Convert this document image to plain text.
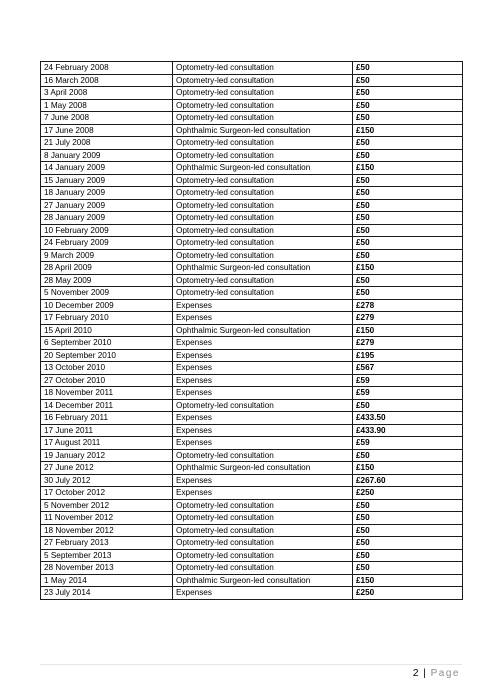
24 February 2008	Optometry-led consultation	£50
16 March 2008	Optometry-led consultation	£50
3 April 2008	Optometry-led consultation	£50
1 May 2008	Optometry-led consultation	£50
7 June 2008	Optometry-led consultation	£50
17 June 2008	Ophthalmic Surgeon-led consultation	£150
21 July 2008	Optometry-led consultation	£50
8 January 2009	Optometry-led consultation	£50
14 January 2009	Ophthalmic Surgeon-led consultation	£150
15 January 2009	Optometry-led consultation	£50
18 January 2009	Optometry-led consultation	£50
27 January 2009	Optometry-led consultation	£50
28 January 2009	Optometry-led consultation	£50
10 February 2009	Optometry-led consultation	£50
24 February 2009	Optometry-led consultation	£50
9 March 2009	Optometry-led consultation	£50
28 April 2009	Ophthalmic Surgeon-led consultation	£150
28 May 2009	Optometry-led consultation	£50
5 November 2009	Optometry-led consultation	£50
10 December 2009	Expenses	£278
17 February 2010	Expenses	£279
15 April 2010	Ophthalmic Surgeon-led consultation	£150
6 September 2010	Expenses	£279
20 September 2010	Expenses	£195
13 October 2010	Expenses	£567
27 October 2010	Expenses	£59
18 November 2011	Expenses	£59
14 December 2011	Optometry-led consultation	£50
16 February 2011	Expenses	£433.50
17 June 2011	Expenses	£433.90
17 August 2011	Expenses	£59
19 January 2012	Optometry-led consultation	£50
27 June 2012	Ophthalmic Surgeon-led consultation	£150
30 July 2012	Expenses	£267.60
17 October 2012	Expenses	£250
5 November 2012	Optometry-led consultation	£50
11 November 2012	Optometry-led consultation	£50
18 November 2012	Optometry-led consultation	£50
27 February 2013	Optometry-led consultation	£50
5 September 2013	Optometry-led consultation	£50
28 November 2013	Optometry-led consultation	£50
1 May 2014	Ophthalmic Surgeon-led consultation	£150
23 July 2014	Expenses	£250
2 | Page
